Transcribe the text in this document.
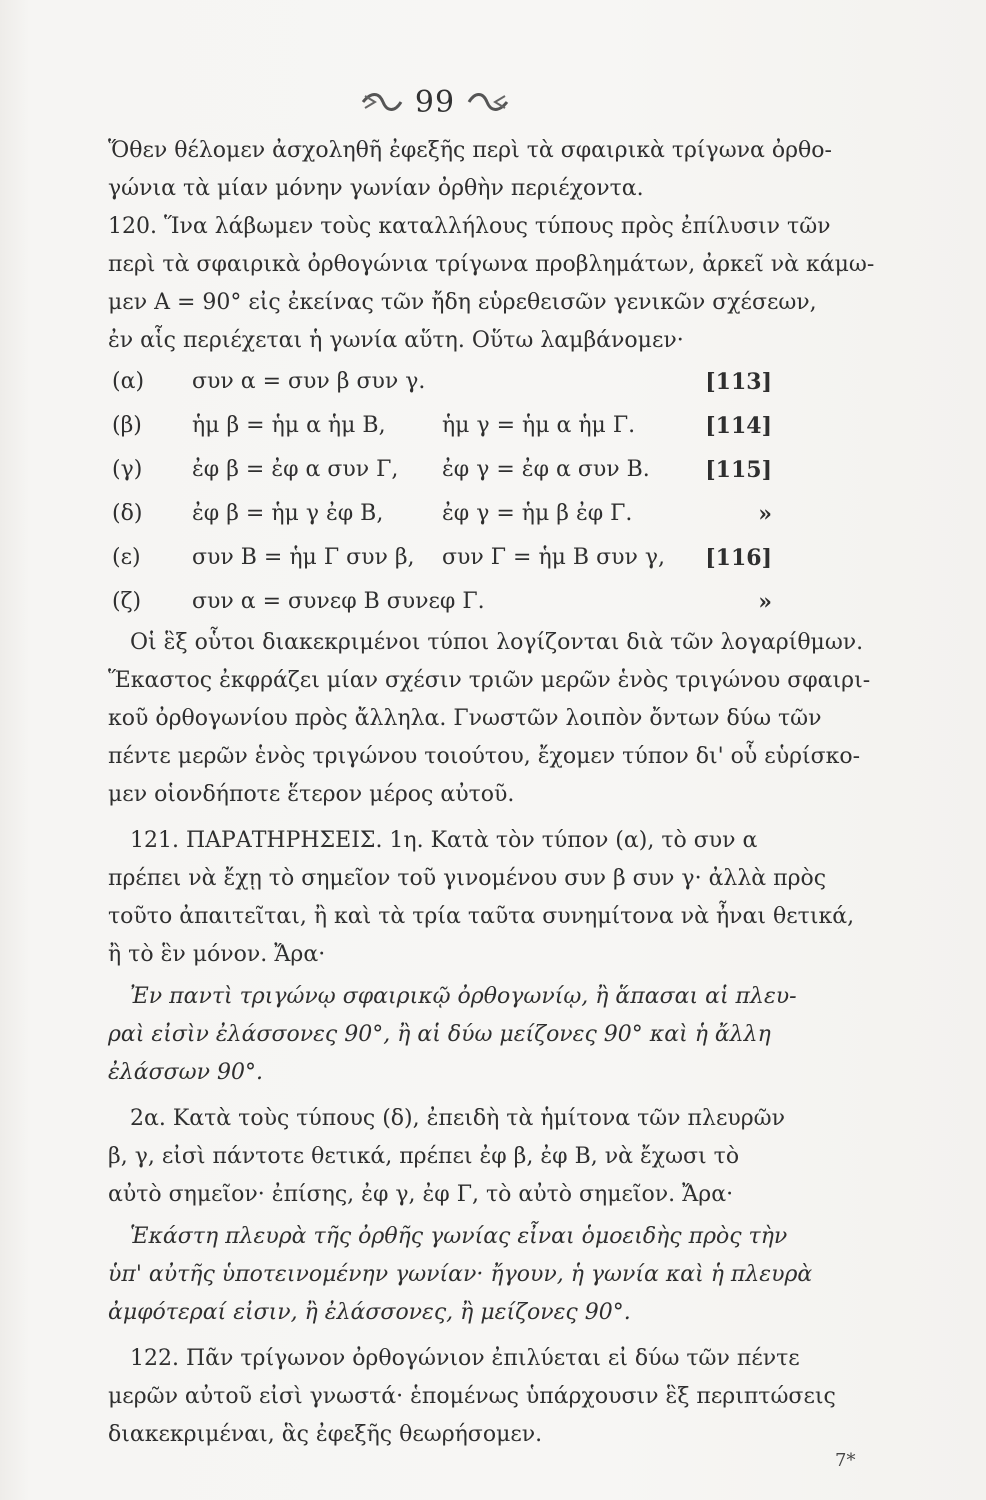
99
Ὅθεν θέλομεν ἀσχοληθῆ ἐφεξῆς περὶ τὰ σφαιρικὰ τρίγωνα ὀρθο-
γώνια τὰ μίαν μόνην γωνίαν ὀρθὴν περιέχοντα.
120. Ἵνα λάβωμεν τοὺς καταλλήλους τύπους πρὸς ἐπίλυσιν τῶν
περὶ τὰ σφαιρικὰ ὀρθογώνια τρίγωνα προβλημάτων, ἀρκεῖ νὰ κάμω-
μεν A = 90° εἰς ἐκείνας τῶν ἤδη εὑρεθεισῶν γενικῶν σχέσεων,
ἐν αἷς περιέχεται ἡ γωνία αὕτη. Οὕτω λαμβάνομεν·
(α)	συν α = συν β συν γ.	[113]
(β)	ἡμ β = ἡμ α ἡμ B,	ἡμ γ = ἡμ α ἡμ Γ.	[114]
(γ)	ἐφ β = ἐφ α συν Γ,	ἐφ γ = ἐφ α συν B.	[115]
(δ)	ἐφ β = ἡμ γ ἐφ B,	ἐφ γ = ἡμ β ἐφ Γ.	»
(ε)	συν B = ἡμ Γ συν β,	συν Γ = ἡμ B συν γ,	[116]
(ζ)	συν α = συνεφ B συνεφ Γ.	»
Οἱ ἓξ οὗτοι διακεκριμένοι τύποι λογίζονται διὰ τῶν λογαρίθμων.
Ἕκαστος ἐκφράζει μίαν σχέσιν τριῶν μερῶν ἑνὸς τριγώνου σφαιρι-
κοῦ ὀρθογωνίου πρὸς ἄλληλα. Γνωστῶν λοιπὸν ὄντων δύω τῶν
πέντε μερῶν ἑνὸς τριγώνου τοιούτου, ἔχομεν τύπον δι' οὗ εὑρίσκο-
μεν οἱονδήποτε ἕτερον μέρος αὐτοῦ.
121. ΠΑΡΑΤΗΡΗΣΕΙΣ. 1η. Κατὰ τὸν τύπον (α), τὸ συν α
πρέπει νὰ ἔχῃ τὸ σημεῖον τοῦ γινομένου συν β συν γ· ἀλλὰ πρὸς
τοῦτο ἀπαιτεῖται, ἢ καὶ τὰ τρία ταῦτα συνημίτονα νὰ ἦναι θετικά,
ἢ τὸ ἓν μόνον. Ἄρα·
Ἐν παντὶ τριγώνῳ σφαιρικῷ ὀρθογωνίῳ, ἢ ἅπασαι αἱ πλευ-
ραὶ εἰσὶν ἐλάσσονες 90°, ἢ αἱ δύω μείζονες 90° καὶ ἡ ἄλλη
ἐλάσσων 90°.
2α. Κατὰ τοὺς τύπους (δ), ἐπειδὴ τὰ ἡμίτονα τῶν πλευρῶν
β, γ, εἰσὶ πάντοτε θετικά, πρέπει ἐφ β, ἐφ B, νὰ ἔχωσι τὸ
αὐτὸ σημεῖον· ἐπίσης, ἐφ γ, ἐφ Γ, τὸ αὐτὸ σημεῖον. Ἄρα·
Ἑκάστη πλευρὰ τῆς ὀρθῆς γωνίας εἶναι ὁμοειδὴς πρὸς τὴν
ὑπ' αὐτῆς ὑποτεινομένην γωνίαν· ἤγουν, ἡ γωνία καὶ ἡ πλευρὰ
ἀμφότεραί εἰσιν, ἢ ἐλάσσονες, ἢ μείζονες 90°.
122. Πᾶν τρίγωνον ὀρθογώνιον ἐπιλύεται εἰ δύω τῶν πέντε
μερῶν αὐτοῦ εἰσὶ γνωστά· ἑπομένως ὑπάρχουσιν ἓξ περιπτώσεις
διακεκριμέναι, ἃς ἐφεξῆς θεωρήσομεν.
7*
